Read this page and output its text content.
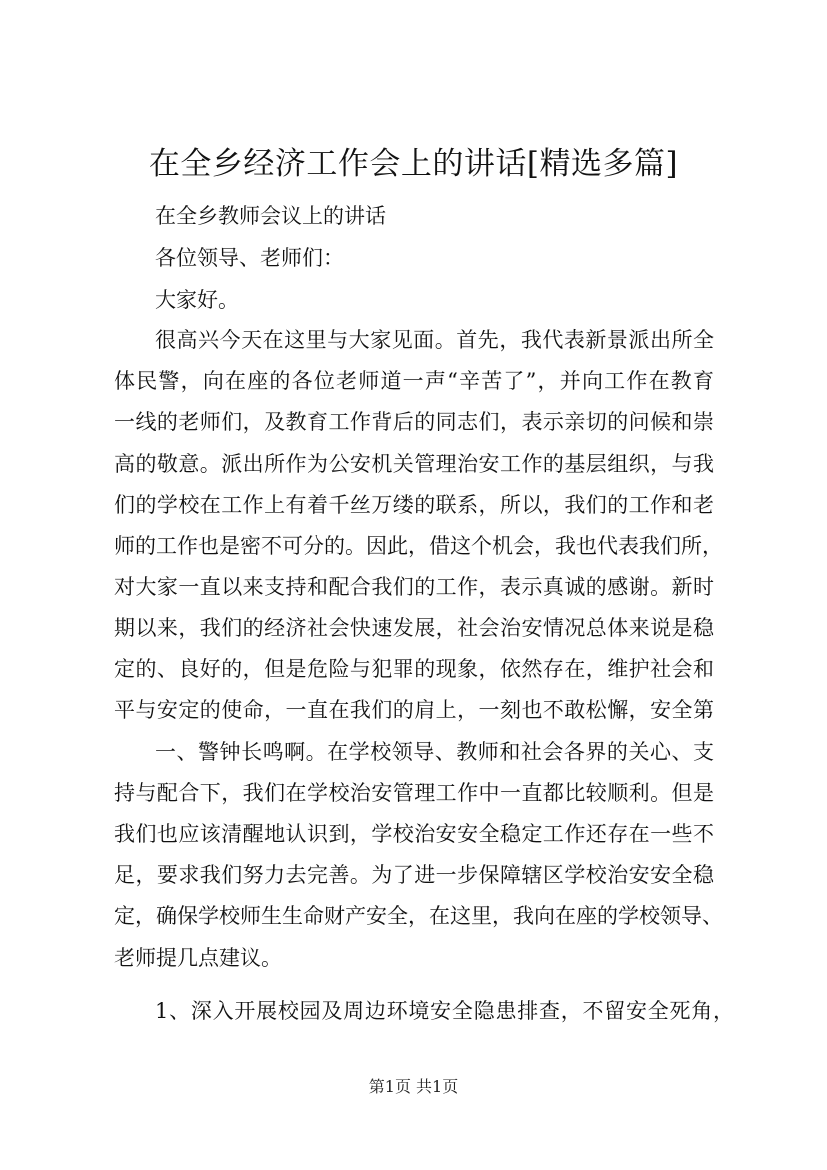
在全乡经济工作会上的讲话[精选多篇]
在全乡教师会议上的讲话
各位领导、老师们：
大家好。
很高兴今天在这里与大家见面。首先，我代表新景派出所全
体民警，向在座的各位老师道一声“辛苦了”，并向工作在教育
一线的老师们，及教育工作背后的同志们，表示亲切的问候和崇
高的敬意。派出所作为公安机关管理治安工作的基层组织，与我
们的学校在工作上有着千丝万缕的联系，所以，我们的工作和老
师的工作也是密不可分的。因此，借这个机会，我也代表我们所，
对大家一直以来支持和配合我们的工作，表示真诚的感谢。新时
期以来，我们的经济社会快速发展，社会治安情况总体来说是稳
定的、良好的，但是危险与犯罪的现象，依然存在，维护社会和
平与安定的使命，一直在我们的肩上，一刻也不敢松懈，安全第
一、警钟长鸣啊。在学校领导、教师和社会各界的关心、支
持与配合下，我们在学校治安管理工作中一直都比较顺利。但是
我们也应该清醒地认识到，学校治安安全稳定工作还存在一些不
足，要求我们努力去完善。为了进一步保障辖区学校治安安全稳
定，确保学校师生生命财产安全，在这里，我向在座的学校领导、
老师提几点建议。
1、深入开展校园及周边环境安全隐患排查，不留安全死角，
第1页 共1页
